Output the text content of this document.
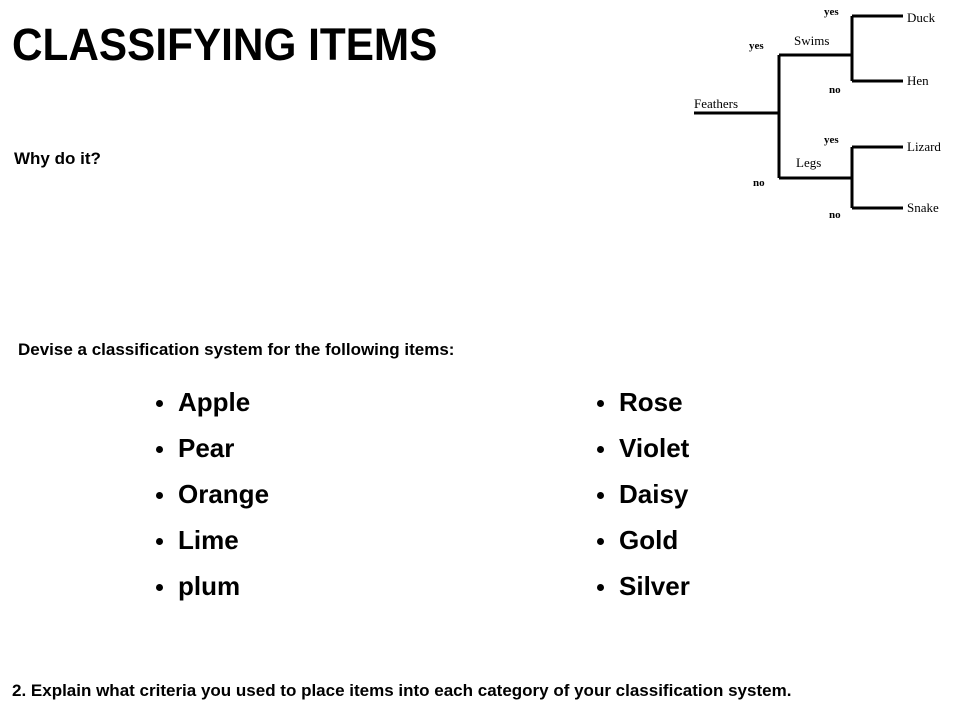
CLASSIFYING ITEMS
Why do it?
Feathers
yes
no
Swims
yes
no
Duck
Hen
Legs
yes
no
Lizard
Snake
Devise a classification system for the following items:
Apple
Pear
Orange
Lime
plum
Rose
Violet
Daisy
Gold
Silver
2. Explain what criteria you used to place items into each category of your classification system.
